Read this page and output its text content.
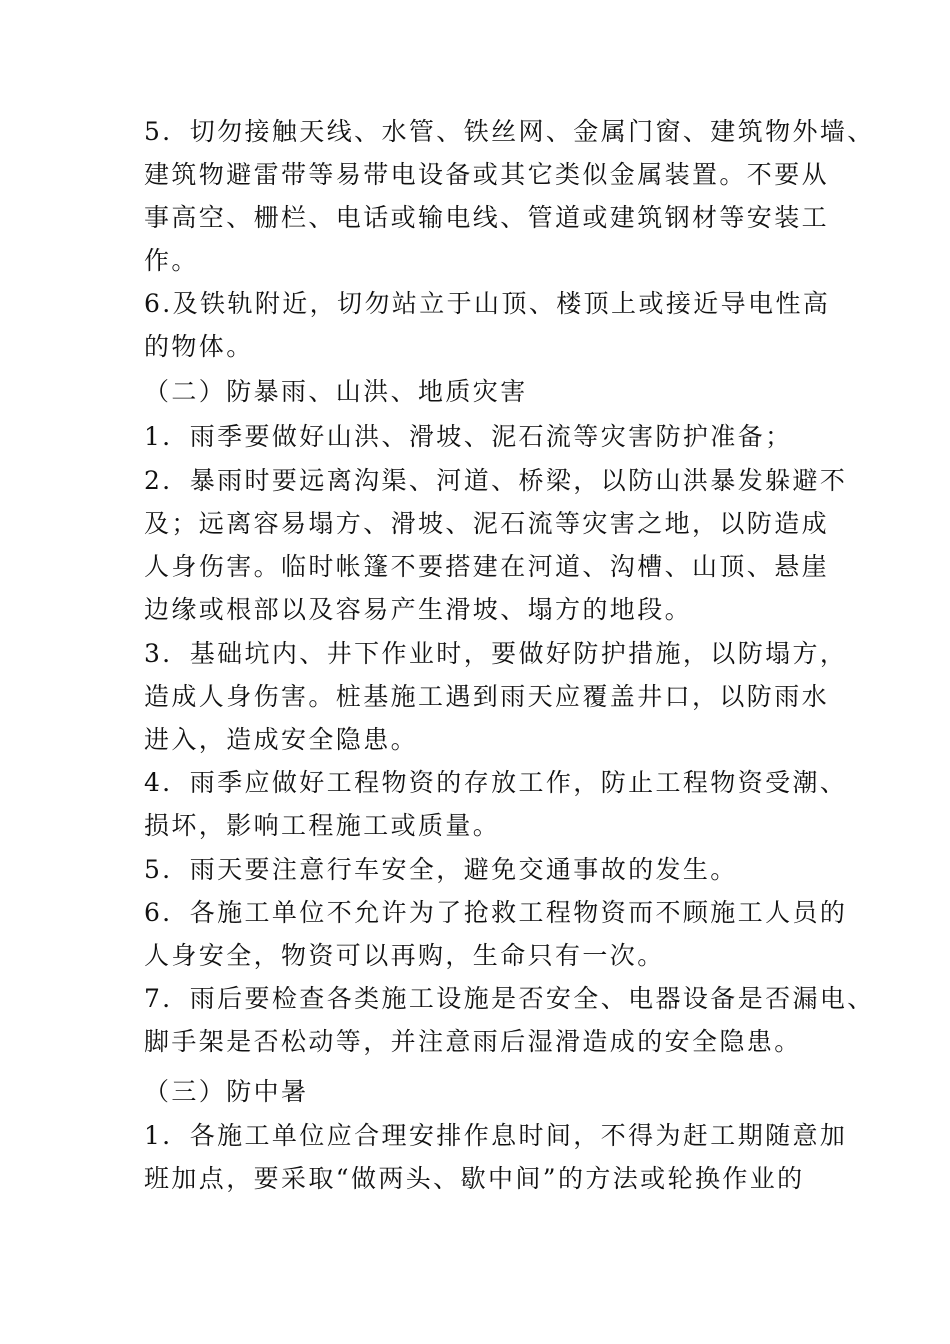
5．切勿接触天线、水管、铁丝网、金属门窗、建筑物外墙、
建筑物避雷带等易带电设备或其它类似金属装置。不要从
事高空、栅栏、电话或输电线、管道或建筑钢材等安装工
作。
6.及铁轨附近，切勿站立于山顶、楼顶上或接近导电性高
的物体。
（二）防暴雨、山洪、地质灾害
1．雨季要做好山洪、滑坡、泥石流等灾害防护准备；
2．暴雨时要远离沟渠、河道、桥梁，以防山洪暴发躲避不
及；远离容易塌方、滑坡、泥石流等灾害之地，以防造成
人身伤害。临时帐篷不要搭建在河道、沟槽、山顶、悬崖
边缘或根部以及容易产生滑坡、塌方的地段。
3．基础坑内、井下作业时，要做好防护措施，以防塌方，
造成人身伤害。桩基施工遇到雨天应覆盖井口，以防雨水
进入，造成安全隐患。
4．雨季应做好工程物资的存放工作，防止工程物资受潮、
损坏，影响工程施工或质量。
5．雨天要注意行车安全，避免交通事故的发生。
6．各施工单位不允许为了抢救工程物资而不顾施工人员的
人身安全，物资可以再购，生命只有一次。
7．雨后要检查各类施工设施是否安全、电器设备是否漏电、
脚手架是否松动等，并注意雨后湿滑造成的安全隐患。
（三）防中暑
1．各施工单位应合理安排作息时间，不得为赶工期随意加
班加点，要采取“做两头、歇中间”的方法或轮换作业的
